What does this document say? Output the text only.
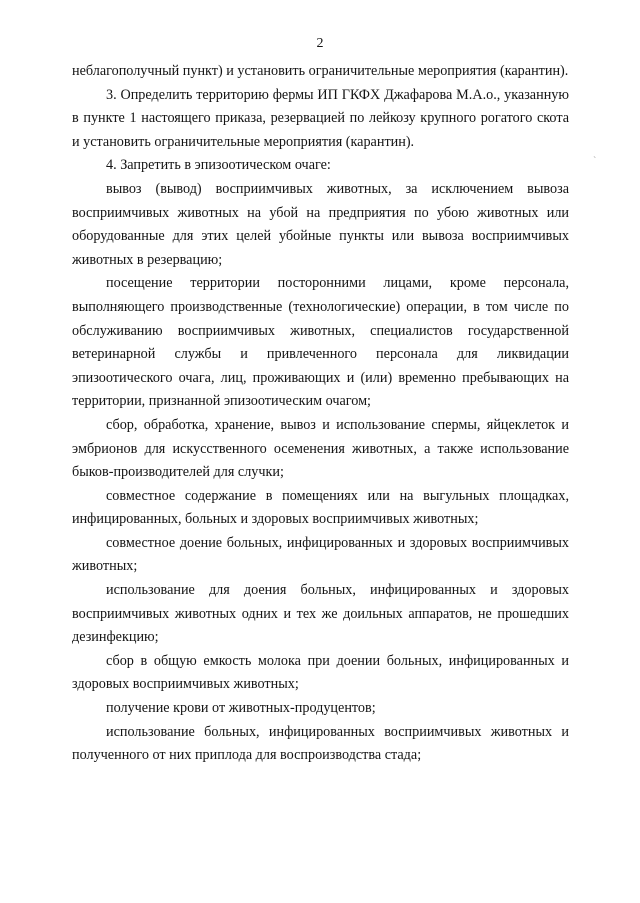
2
`

неблагополучный пункт) и установить ограничительные мероприятия (карантин).

3. Определить территорию фермы ИП ГКФХ Джафарова М.А.о., указанную в пункте 1 настоящего приказа, резервацией по лейкозу крупного рогатого скота и установить ограничительные мероприятия (карантин).

4. Запретить в эпизоотическом очаге:

вывоз (вывод) восприимчивых животных, за исключением вывоза восприимчивых животных на убой на предприятия по убою животных или оборудованные для этих целей убойные пункты или вывоза восприимчивых животных в резервацию;

посещение территории посторонними лицами, кроме персонала, выполняющего производственные (технологические) операции, в том числе по обслуживанию восприимчивых животных, специалистов государственной ветеринарной службы и привлеченного персонала для ликвидации эпизоотического очага, лиц, проживающих и (или) временно пребывающих на территории, признанной эпизоотическим очагом;

сбор, обработка, хранение, вывоз и использование спермы, яйцеклеток и эмбрионов для искусственного осеменения животных, а также использование быков-производителей для случки;

совместное содержание в помещениях или на выгульных площадках, инфицированных, больных и здоровых восприимчивых животных;

совместное доение больных, инфицированных и здоровых восприимчивых животных;

использование для доения больных, инфицированных и здоровых восприимчивых животных одних и тех же доильных аппаратов, не прошедших дезинфекцию;

сбор в общую емкость молока при доении больных, инфицированных и здоровых восприимчивых животных;

получение крови от животных-продуцентов;

использование больных, инфицированных восприимчивых животных и полученного от них приплода для воспроизводства стада;
